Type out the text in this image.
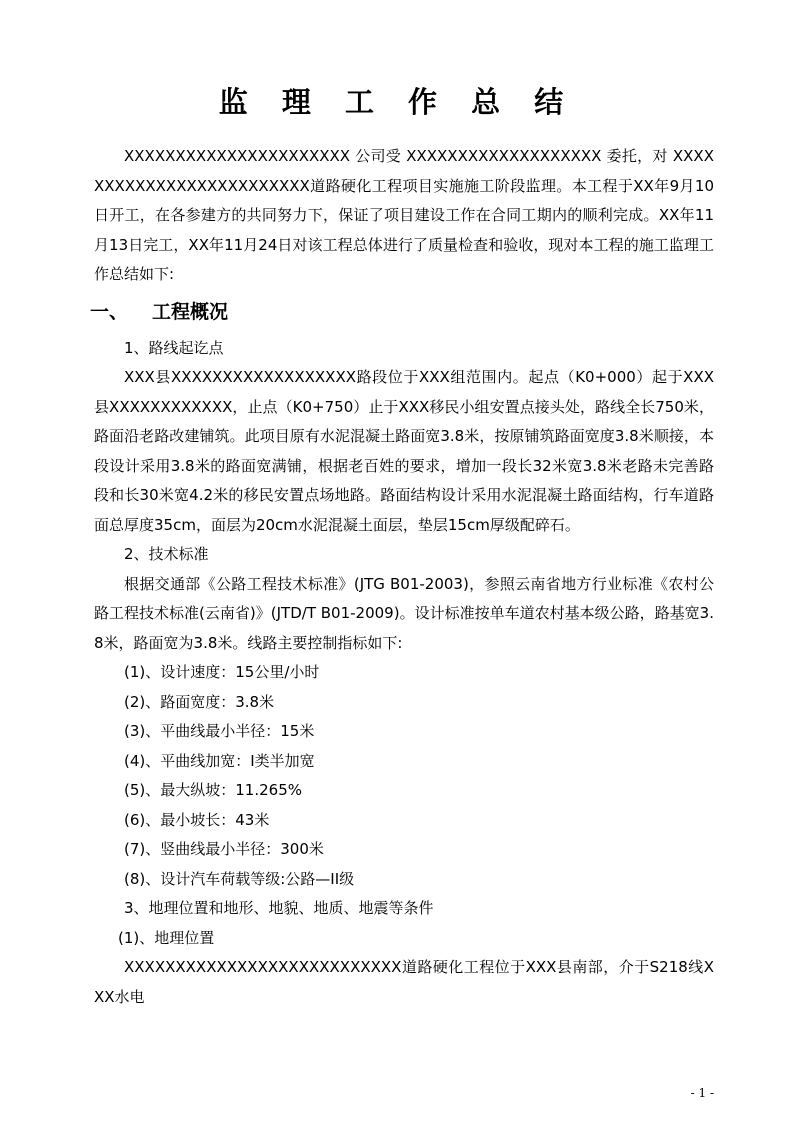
监 理 工 作 总 结

XXXXXXXXXXXXXXXXXXXXXX 公司受 XXXXXXXXXXXXXXXXXXX 委托，对 XXXXXXXXXXXXXXXXXXXXXXXXX道路硬化工程项目实施施工阶段监理。本工程于XX年9月10日开工，在各参建方的共同努力下，保证了项目建设工作在合同工期内的顺利完成。XX年11月13日完工，XX年11月24日对该工程总体进行了质量检查和验收，现对本工程的施工监理工作总结如下:

一、 工程概况

1、路线起讫点

XXX县XXXXXXXXXXXXXXXXXX路段位于XXX组范围内。起点（K0+000）起于XXX县XXXXXXXXXXXX，止点（K0+750）止于XXX移民小组安置点接头处，路线全长750米，路面沿老路改建铺筑。此项目原有水泥混凝土路面宽3.8米，按原铺筑路面宽度3.8米顺接，本段设计采用3.8米的路面宽满铺，根据老百姓的要求，增加一段长32米宽3.8米老路未完善路段和长30米宽4.2米的移民安置点场地路。路面结构设计采用水泥混凝土路面结构，行车道路面总厚度35cm，面层为20cm水泥混凝土面层，垫层15cm厚级配碎石。

2、技术标准

根据交通部《公路工程技术标准》(JTG B01-2003)，参照云南省地方行业标准《农村公路工程技术标准(云南省)》(JTD/T B01-2009)。设计标准按单车道农村基本级公路，路基宽3.8米，路面宽为3.8米。线路主要控制指标如下:

(1)、设计速度：15公里/小时

(2)、路面宽度：3.8米

(3)、平曲线最小半径：15米

(4)、平曲线加宽：I类半加宽

(5)、最大纵坡：11.265%

(6)、最小坡长：43米

(7)、竖曲线最小半径：300米

(8)、设计汽车荷载等级:公路—II级

3、地理位置和地形、地貌、地质、地震等条件

(1)、地理位置

XXXXXXXXXXXXXXXXXXXXXXXXXXX道路硬化工程位于XXX县南部，介于S218线XXX水电

- 1 -
